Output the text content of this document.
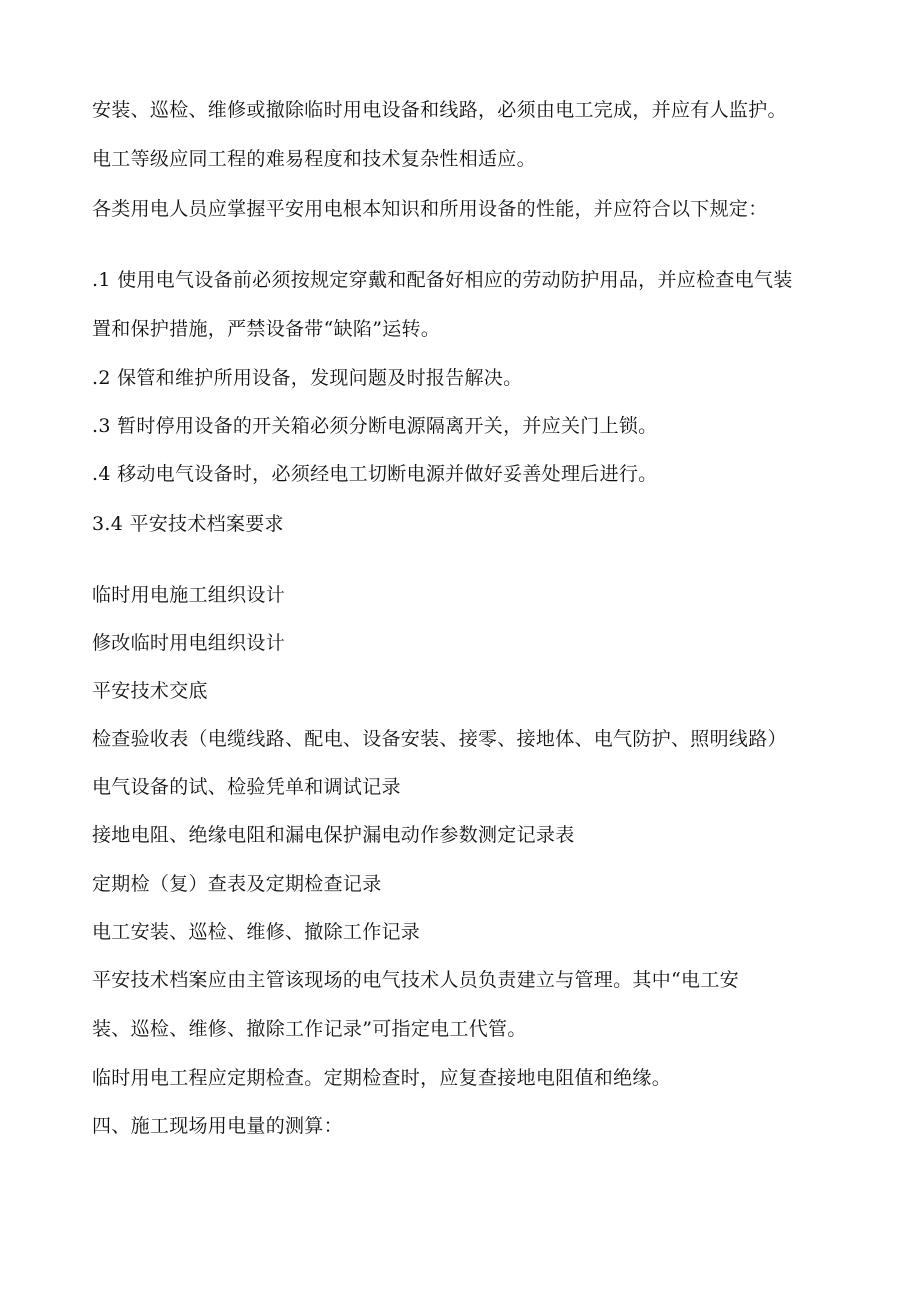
安装、巡检、维修或撤除临时用电设备和线路，必须由电工完成，并应有人监护。

电工等级应同工程的难易程度和技术复杂性相适应。

各类用电人员应掌握平安用电根本知识和所用设备的性能，并应符合以下规定：

.1 使用电气设备前必须按规定穿戴和配备好相应的劳动防护用品，并应检查电气装

置和保护措施，严禁设备带“缺陷”运转。

.2 保管和维护所用设备，发现问题及时报告解决。

.3 暂时停用设备的开关箱必须分断电源隔离开关，并应关门上锁。

.4 移动电气设备时，必须经电工切断电源并做好妥善处理后进行。

3.4 平安技术档案要求

临时用电施工组织设计

修改临时用电组织设计

平安技术交底

检查验收表（电缆线路、配电、设备安装、接零、接地体、电气防护、照明线路）

电气设备的试、检验凭单和调试记录

接地电阻、绝缘电阻和漏电保护漏电动作参数测定记录表

定期检（复）查表及定期检查记录

电工安装、巡检、维修、撤除工作记录

平安技术档案应由主管该现场的电气技术人员负责建立与管理。其中“电工安

装、巡检、维修、撤除工作记录”可指定电工代管。

临时用电工程应定期检查。定期检查时，应复查接地电阻值和绝缘。

四、施工现场用电量的测算：
